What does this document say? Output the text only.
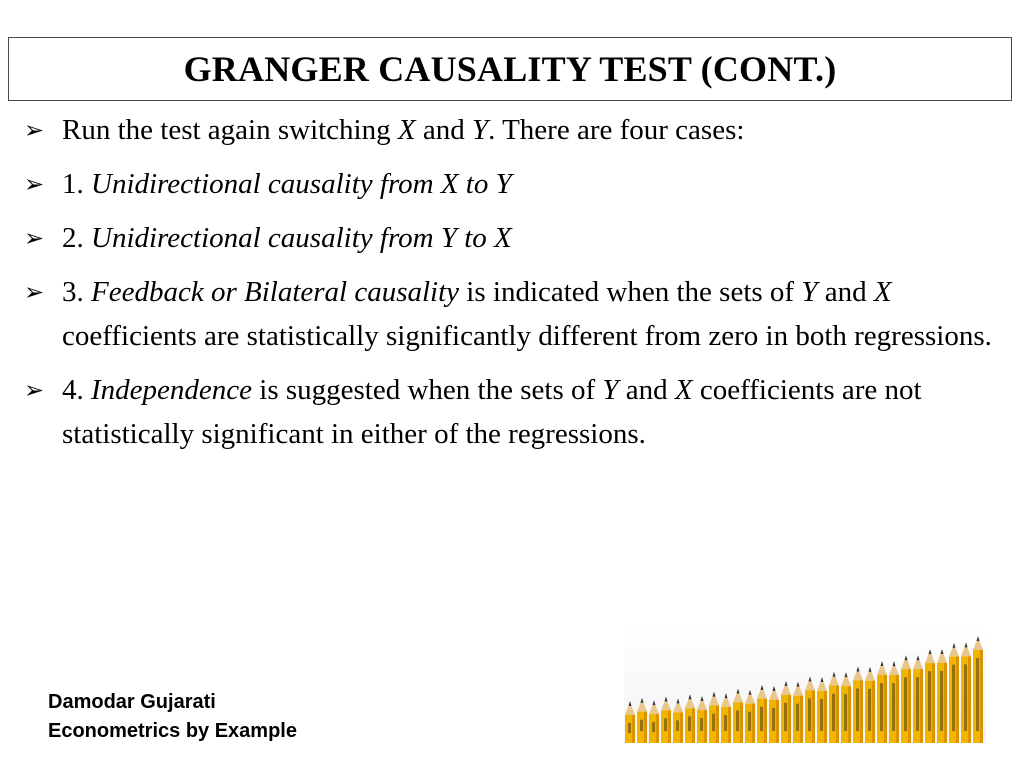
GRANGER CAUSALITY TEST (CONT.)
➢ Run the test again switching X and Y. There are four cases:
➢ 1. Unidirectional causality from X to Y
➢ 2. Unidirectional causality from Y to X
➢ 3. Feedback or Bilateral causality is indicated when the sets of Y and X coefficients are statistically significantly different from zero in both regressions.
➢ 4. Independence is suggested when the sets of Y and X coefficients are not statistically significant in either of the regressions.
Damodar Gujarati
Econometrics by Example
